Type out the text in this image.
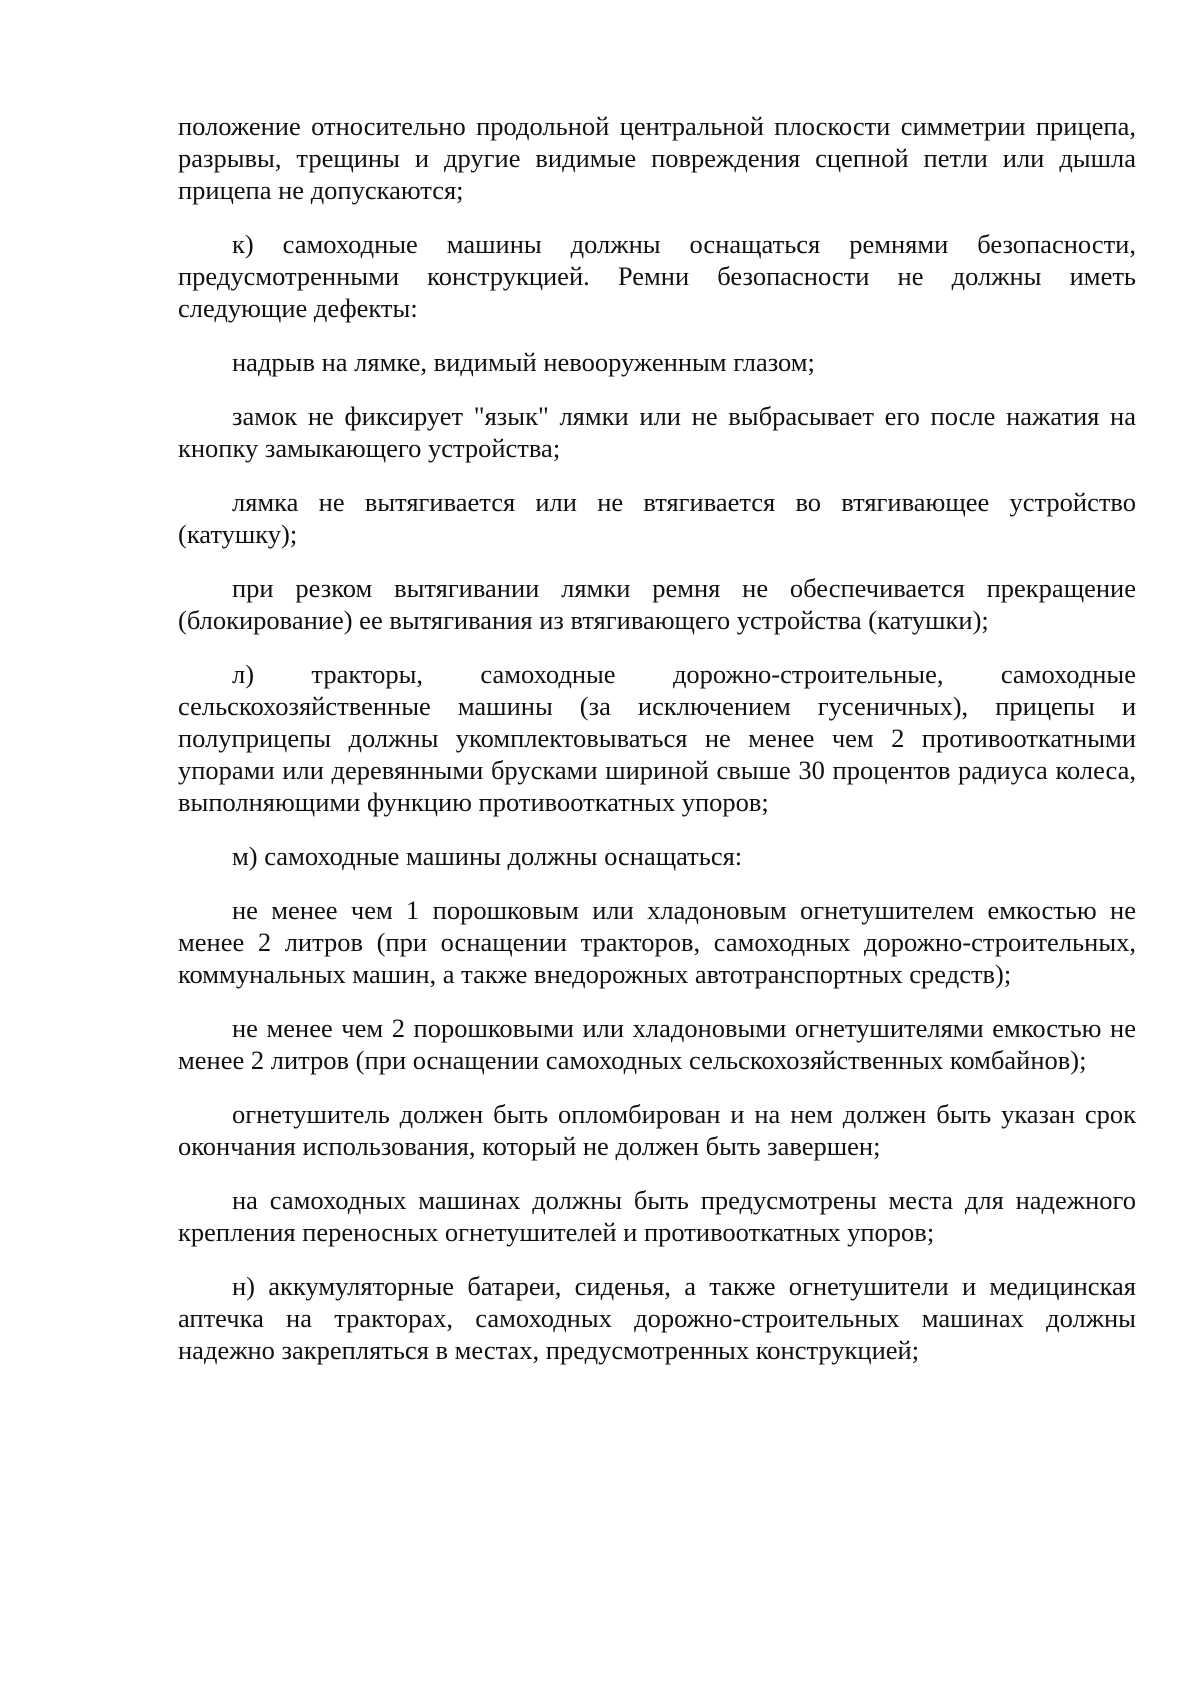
положение относительно продольной центральной плоскости симметрии прицепа, разрывы, трещины и другие видимые повреждения сцепной петли или дышла прицепа не допускаются;

к) самоходные машины должны оснащаться ремнями безопасности, предусмотренными конструкцией. Ремни безопасности не должны иметь следующие дефекты:

надрыв на лямке, видимый невооруженным глазом;

замок не фиксирует "язык" лямки или не выбрасывает его после нажатия на кнопку замыкающего устройства;

лямка не вытягивается или не втягивается во втягивающее устройство (катушку);

при резком вытягивании лямки ремня не обеспечивается прекращение (блокирование) ее вытягивания из втягивающего устройства (катушки);

л) тракторы, самоходные дорожно-строительные, самоходные сельскохозяйственные машины (за исключением гусеничных), прицепы и полуприцепы должны укомплектовываться не менее чем 2 противооткатными упорами или деревянными брусками шириной свыше 30 процентов радиуса колеса, выполняющими функцию противооткатных упоров;

м) самоходные машины должны оснащаться:

не менее чем 1 порошковым или хладоновым огнетушителем емкостью не менее 2 литров (при оснащении тракторов, самоходных дорожно-строительных, коммунальных машин, а также внедорожных автотранспортных средств);

не менее чем 2 порошковыми или хладоновыми огнетушителями емкостью не менее 2 литров (при оснащении самоходных сельскохозяйственных комбайнов);

огнетушитель должен быть опломбирован и на нем должен быть указан срок окончания использования, который не должен быть завершен;

на самоходных машинах должны быть предусмотрены места для надежного крепления переносных огнетушителей и противооткатных упоров;

н) аккумуляторные батареи, сиденья, а также огнетушители и медицинская аптечка на тракторах, самоходных дорожно-строительных машинах должны надежно закрепляться в местах, предусмотренных конструкцией;
